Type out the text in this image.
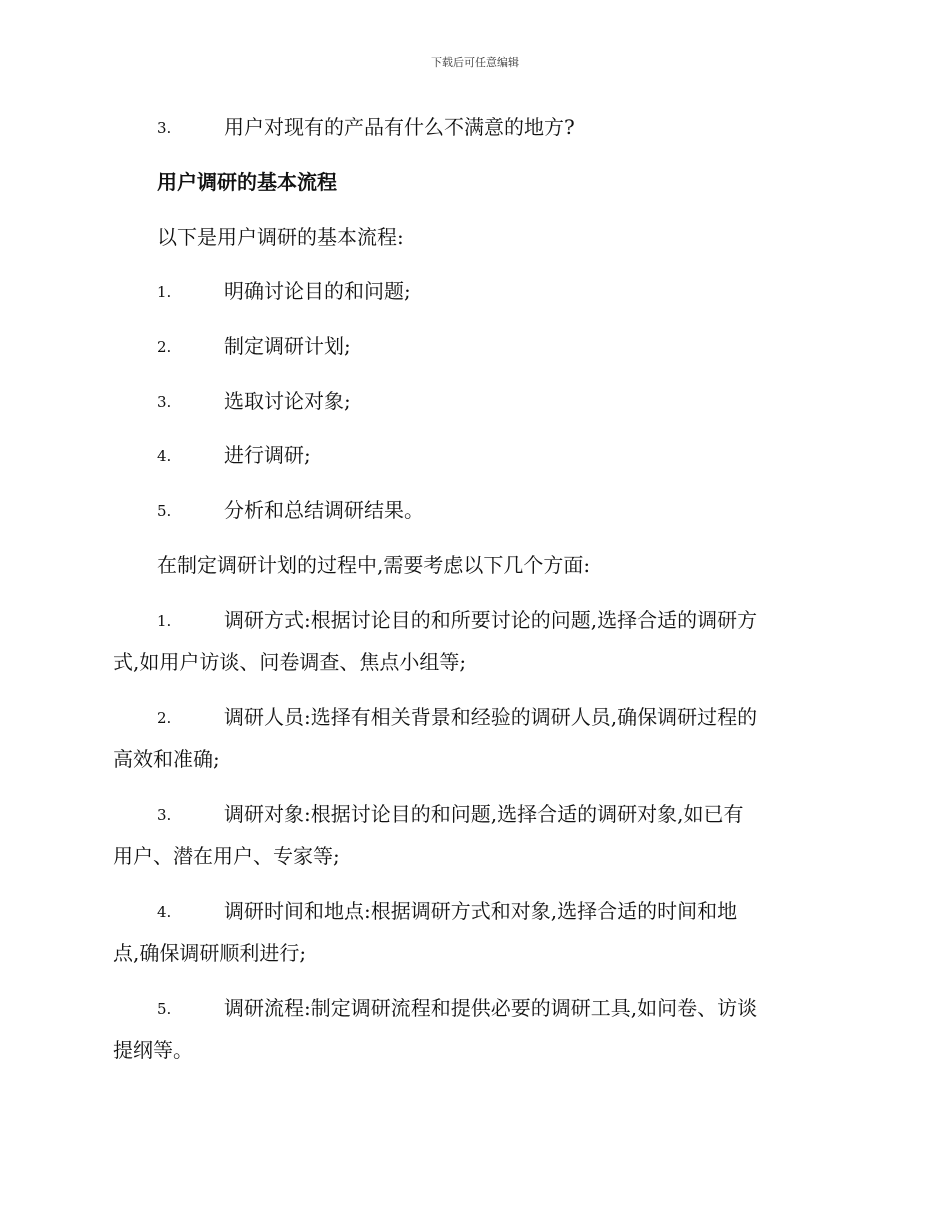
下载后可任意编辑
3.	用户对现有的产品有什么不满意的地方?
用户调研的基本流程
以下是用户调研的基本流程:
1.	明确讨论目的和问题;
2.	制定调研计划;
3.	选取讨论对象;
4.	进行调研;
5.	分析和总结调研结果。
在制定调研计划的过程中,需要考虑以下几个方面:
1.	调研方式:根据讨论目的和所要讨论的问题,选择合适的调研方
式,如用户访谈、问卷调查、焦点小组等;
2.	调研人员:选择有相关背景和经验的调研人员,确保调研过程的
高效和准确;
3.	调研对象:根据讨论目的和问题,选择合适的调研对象,如已有
用户、潜在用户、专家等;
4.	调研时间和地点:根据调研方式和对象,选择合适的时间和地
点,确保调研顺利进行;
5.	调研流程:制定调研流程和提供必要的调研工具,如问卷、访谈
提纲等。
